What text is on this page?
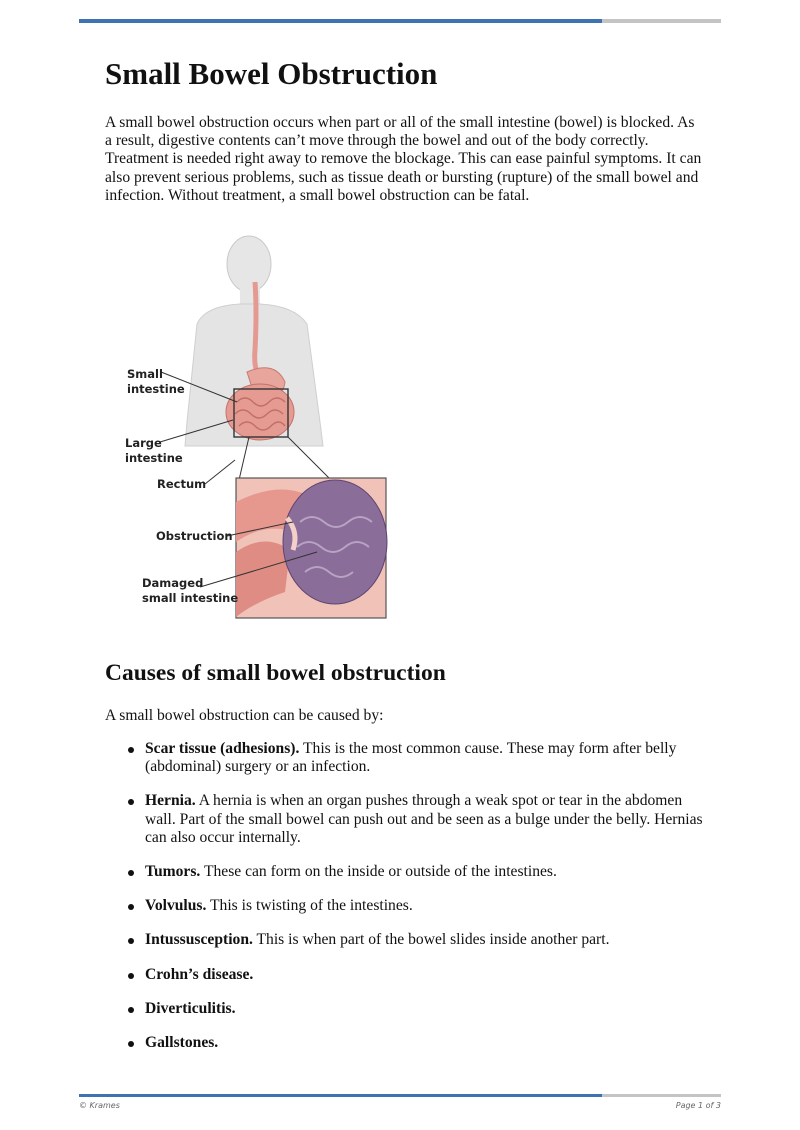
Small Bowel Obstruction

A small bowel obstruction occurs when part or all of the small intestine (bowel) is blocked. As a result, digestive contents can’t move through the bowel and out of the body correctly. Treatment is needed right away to remove the blockage. This can ease painful symptoms. It can also prevent serious problems, such as tissue death or bursting (rupture) of the small bowel and infection. Without treatment, a small bowel obstruction can be fatal.

Small
intestine
Large
intestine
Rectum
Obstruction
Damaged
small intestine
Causes of small bowel obstruction

A small bowel obstruction can be caused by:

Scar tissue (adhesions). This is the most common cause. These may form after belly (abdominal) surgery or an infection.
Hernia. A hernia is when an organ pushes through a weak spot or tear in the abdomen wall. Part of the small bowel can push out and be seen as a bulge under the belly. Hernias can also occur internally.
Tumors. These can form on the inside or outside of the intestines.
Volvulus. This is twisting of the intestines.
Intussusception. This is when part of the bowel slides inside another part.
Crohn’s disease.
Diverticulitis.
Gallstones.
© Krames	Page 1 of 3
